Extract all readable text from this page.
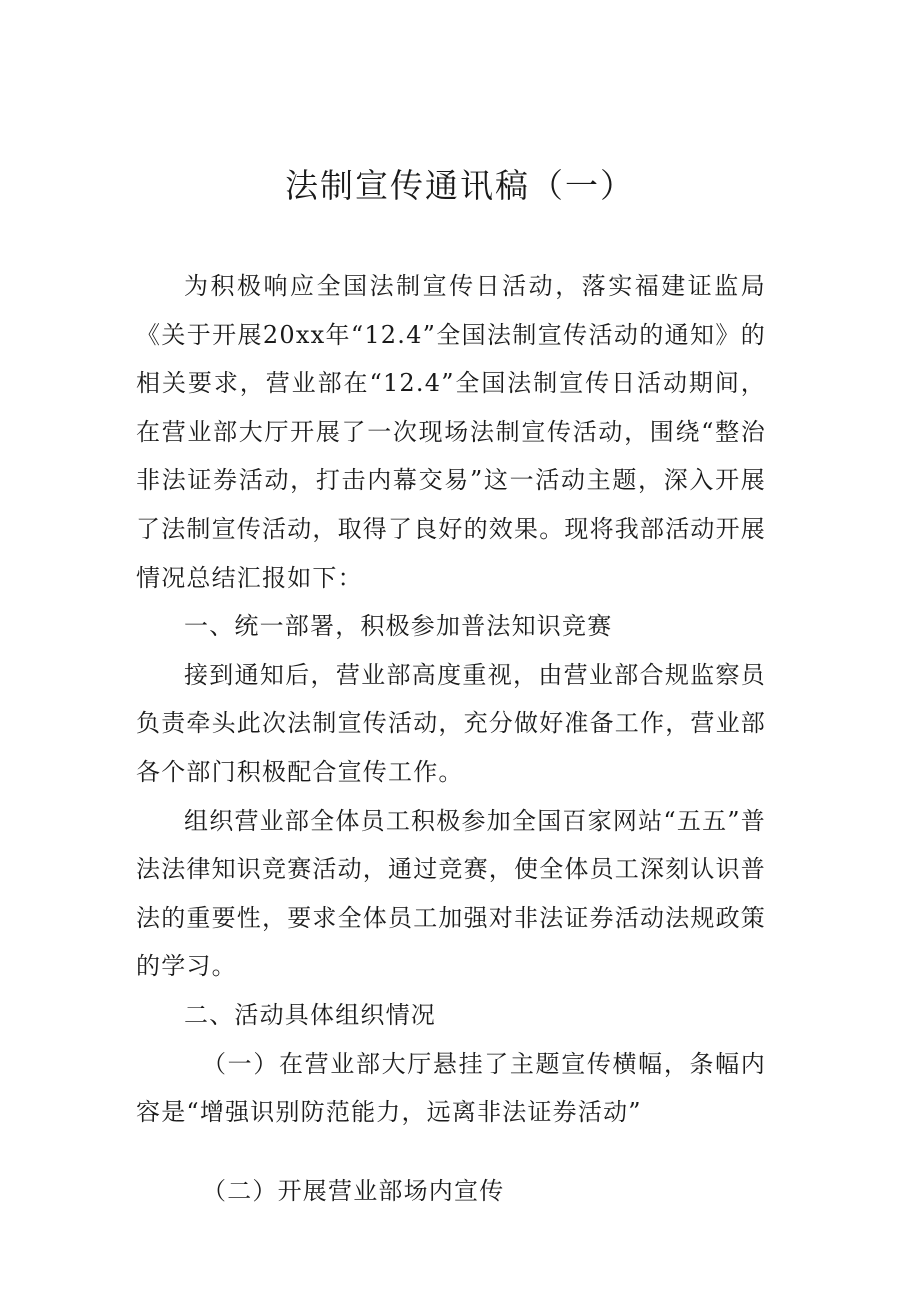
法制宣传通讯稿（一）

为积极响应全国法制宣传日活动，落实福建证监局《关于开展20xx年“12.4”全国法制宣传活动的通知》的相关要求，营业部在“12.4”全国法制宣传日活动期间，在营业部大厅开展了一次现场法制宣传活动，围绕“整治非法证券活动，打击内幕交易”这一活动主题，深入开展了法制宣传活动，取得了良好的效果。现将我部活动开展情况总结汇报如下：

一、统一部署，积极参加普法知识竞赛

接到通知后，营业部高度重视，由营业部合规监察员负责牵头此次法制宣传活动，充分做好准备工作，营业部各个部门积极配合宣传工作。

组织营业部全体员工积极参加全国百家网站“五五”普法法律知识竞赛活动，通过竞赛，使全体员工深刻认识普法的重要性，要求全体员工加强对非法证券活动法规政策的学习。

二、活动具体组织情况

（一）在营业部大厅悬挂了主题宣传横幅，条幅内容是“增强识别防范能力，远离非法证券活动”

（二）开展营业部场内宣传
